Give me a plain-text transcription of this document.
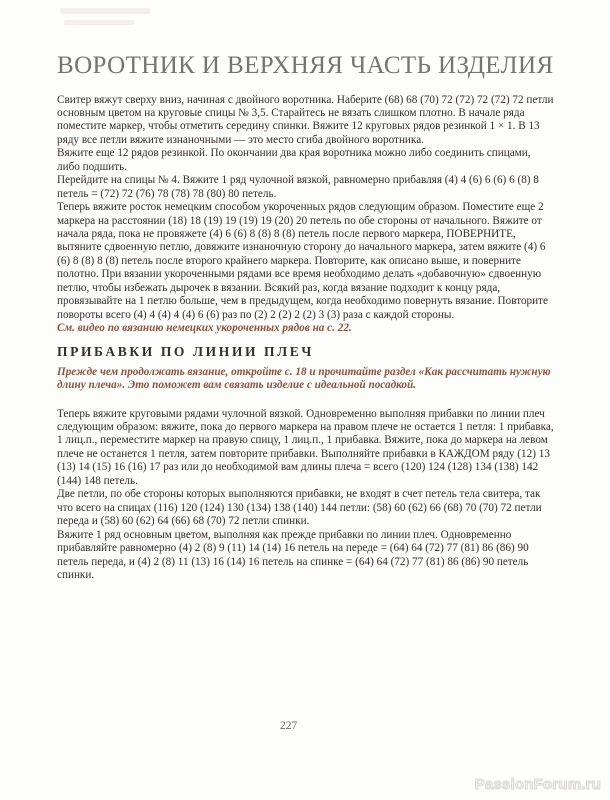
ВОРОТНИК И ВЕРХНЯЯ ЧАСТЬ ИЗДЕЛИЯ

Свитер вяжут сверху вниз, начиная с двойного воротника. Наберите (68) 68 (70) 72 (72) 72 (72) 72 петли основным цветом на круговые спицы № 3,5. Старайтесь не вязать слишком плотно. В начале ряда поместите маркер, чтобы отметить середину спинки. Вяжите 12 круговых рядов резинкой 1 × 1. В 13 ряду все петли вяжите изнаночными — это место сгиба двойного воротника.

Вяжите еще 12 рядов резинкой. По окончании два края воротника можно либо соединить спицами, либо подшить.

Перейдите на спицы № 4. Вяжите 1 ряд чулочной вязкой, равномерно прибавляя (4) 4 (6) 6 (6) 6 (8) 8 петель = (72) 72 (76) 78 (78) 78 (80) 80 петель.

Теперь вяжите росток немецким способом укороченных рядов следующим образом. Поместите еще 2 маркера на расстоянии (18) 18 (19) 19 (19) 19 (20) 20 петель по обе стороны от начального. Вяжите от начала ряда, пока не провяжете (4) 6 (6) 8 (8) 8 (8) петель после первого маркера, ПОВЕРНИТЕ, вытяните сдвоенную петлю, довяжите изнаночную сторону до начального маркера, затем вяжите (4) 6 (6) 8 (8) 8 (8) петель после второго крайнего маркера. Повторите, как описано выше, и поверните полотно. При вязании укороченными рядами все время необходимо делать «добавочную» сдвоенную петлю, чтобы избежать дырочек в вязании. Всякий раз, когда вязание подходит к концу ряда, провязывайте на 1 петлю больше, чем в предыдущем, когда необходимо повернуть вязание. Повторите повороты всего (4) 4 (4) 4 (4) 6 (6) раз по (2) 2 (2) 2 (2) 3 (3) раза с каждой стороны.

См. видео по вязанию немецких укороченных рядов на с. 22.

ПРИБАВКИ ПО ЛИНИИ ПЛЕЧ

Прежде чем продолжать вязание, откройте с. 18 и прочитайте раздел «Как рассчитать нужную длину плеча». Это поможет вам связать изделие с идеальной посадкой.

Теперь вяжите круговыми рядами чулочной вязкой. Одновременно выполняя прибавки по линии плеч следующим образом: вяжите, пока до первого маркера на правом плече не остается 1 петля: 1 прибавка, 1 лиц.п., переместите маркер на правую спицу, 1 лиц.п., 1 прибавка. Вяжите, пока до маркера на левом плече не останется 1 петля, затем повторите прибавки. Выполняйте прибавки в КАЖДОМ ряду (12) 13 (13) 14 (15) 16 (16) 17 раз или до необходимой вам длины плеча = всего (120) 124 (128) 134 (138) 142 (144) 148 петель.

Две петли, по обе стороны которых выполняются прибавки, не входят в счет петель тела свитера, так что всего на спицах (116) 120 (124) 130 (134) 138 (140) 144 петли: (58) 60 (62) 66 (68) 70 (70) 72 петли переда и (58) 60 (62) 64 (66) 68 (70) 72 петли спинки.

Вяжите 1 ряд основным цветом, выполняя как прежде прибавки по линии плеч. Одновременно прибавляйте равномерно (4) 2 (8) 9 (11) 14 (14) 16 петель на переде = (64) 64 (72) 77 (81) 86 (86) 90 петель переда, и (4) 2 (8) 11 (13) 16 (14) 16 петель на спинке = (64) 64 (72) 77 (81) 86 (86) 90 петель спинки.

227
PassionForum.ru
